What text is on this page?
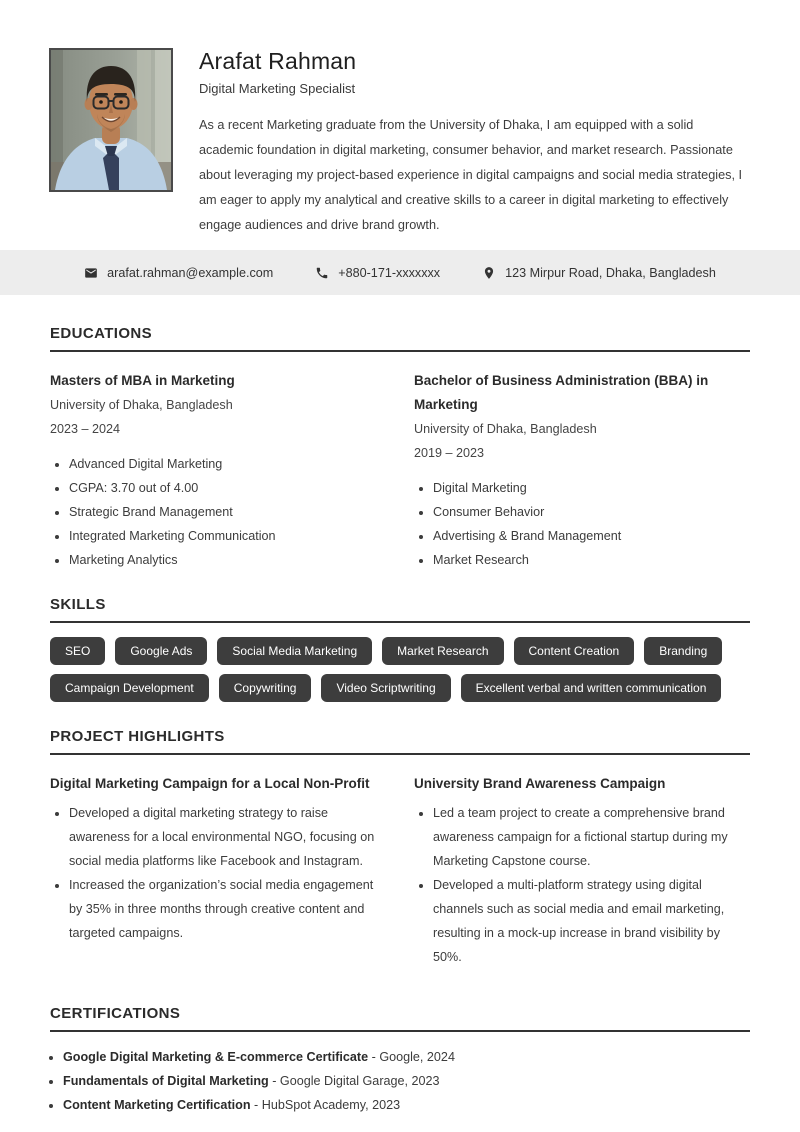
Arafat Rahman
Digital Marketing Specialist
As a recent Marketing graduate from the University of Dhaka, I am equipped with a solid academic foundation in digital marketing, consumer behavior, and market research. Passionate about leveraging my project-based experience in digital campaigns and social media strategies, I am eager to apply my analytical and creative skills to a career in digital marketing to effectively engage audiences and drive brand growth.
arafat.rahman@example.com	+880-171-xxxxxxx	123 Mirpur Road, Dhaka, Bangladesh
EDUCATIONS
Masters of MBA in Marketing
University of Dhaka, Bangladesh
2023 – 2024
• Advanced Digital Marketing
• CGPA: 3.70 out of 4.00
• Strategic Brand Management
• Integrated Marketing Communication
• Marketing Analytics
Bachelor of Business Administration (BBA) in Marketing
University of Dhaka, Bangladesh
2019 – 2023
• Digital Marketing
• Consumer Behavior
• Advertising & Brand Management
• Market Research
SKILLS
SEO	Google Ads	Social Media Marketing	Market Research	Content Creation	Branding
Campaign Development	Copywriting	Video Scriptwriting	Excellent verbal and written communication
PROJECT HIGHLIGHTS
Digital Marketing Campaign for a Local Non-Profit
• Developed a digital marketing strategy to raise awareness for a local environmental NGO, focusing on social media platforms like Facebook and Instagram.
• Increased the organization’s social media engagement by 35% in three months through creative content and targeted campaigns.
University Brand Awareness Campaign
• Led a team project to create a comprehensive brand awareness campaign for a fictional startup during my Marketing Capstone course.
• Developed a multi-platform strategy using digital channels such as social media and email marketing, resulting in a mock-up increase in brand visibility by 50%.
CERTIFICATIONS
• Google Digital Marketing & E-commerce Certificate - Google, 2024
• Fundamentals of Digital Marketing - Google Digital Garage, 2023
• Content Marketing Certification - HubSpot Academy, 2023
